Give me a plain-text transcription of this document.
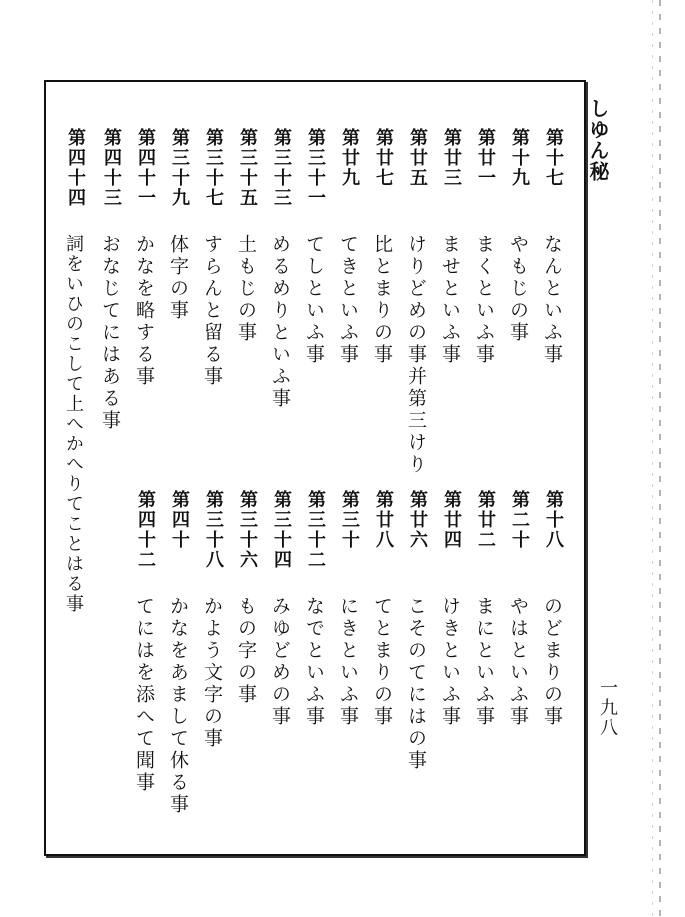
しゆん秘
一九八
第十七
なんといふ事
第十九
やもじの事
第廿一
まくといふ事
第廿三
ませといふ事
第廿五
けりどめの事并第三けり
第廿七
比とまりの事
第廿九
てきといふ事
第三十一
てしといふ事
第三十三
めるめりといふ事
第三十五
土もじの事
第三十七
すらんと留る事
第三十九
体字の事
第四十一
かなを略する事
第四十三
おなじてにはある事
第四十四
詞をいひのこして上へかへりてことはる事	第十八
のどまりの事
第二十
やはといふ事
第廿二
まにといふ事
第廿四
けきといふ事
第廿六
こそのてにはの事
第廿八
てとまりの事
第三十
にきといふ事
第三十二
なでといふ事
第三十四
みゆどめの事
第三十六
もの字の事
第三十八
かよう文字の事
第四十
かなをあまして休る事
第四十二
てにはを添へて聞事
